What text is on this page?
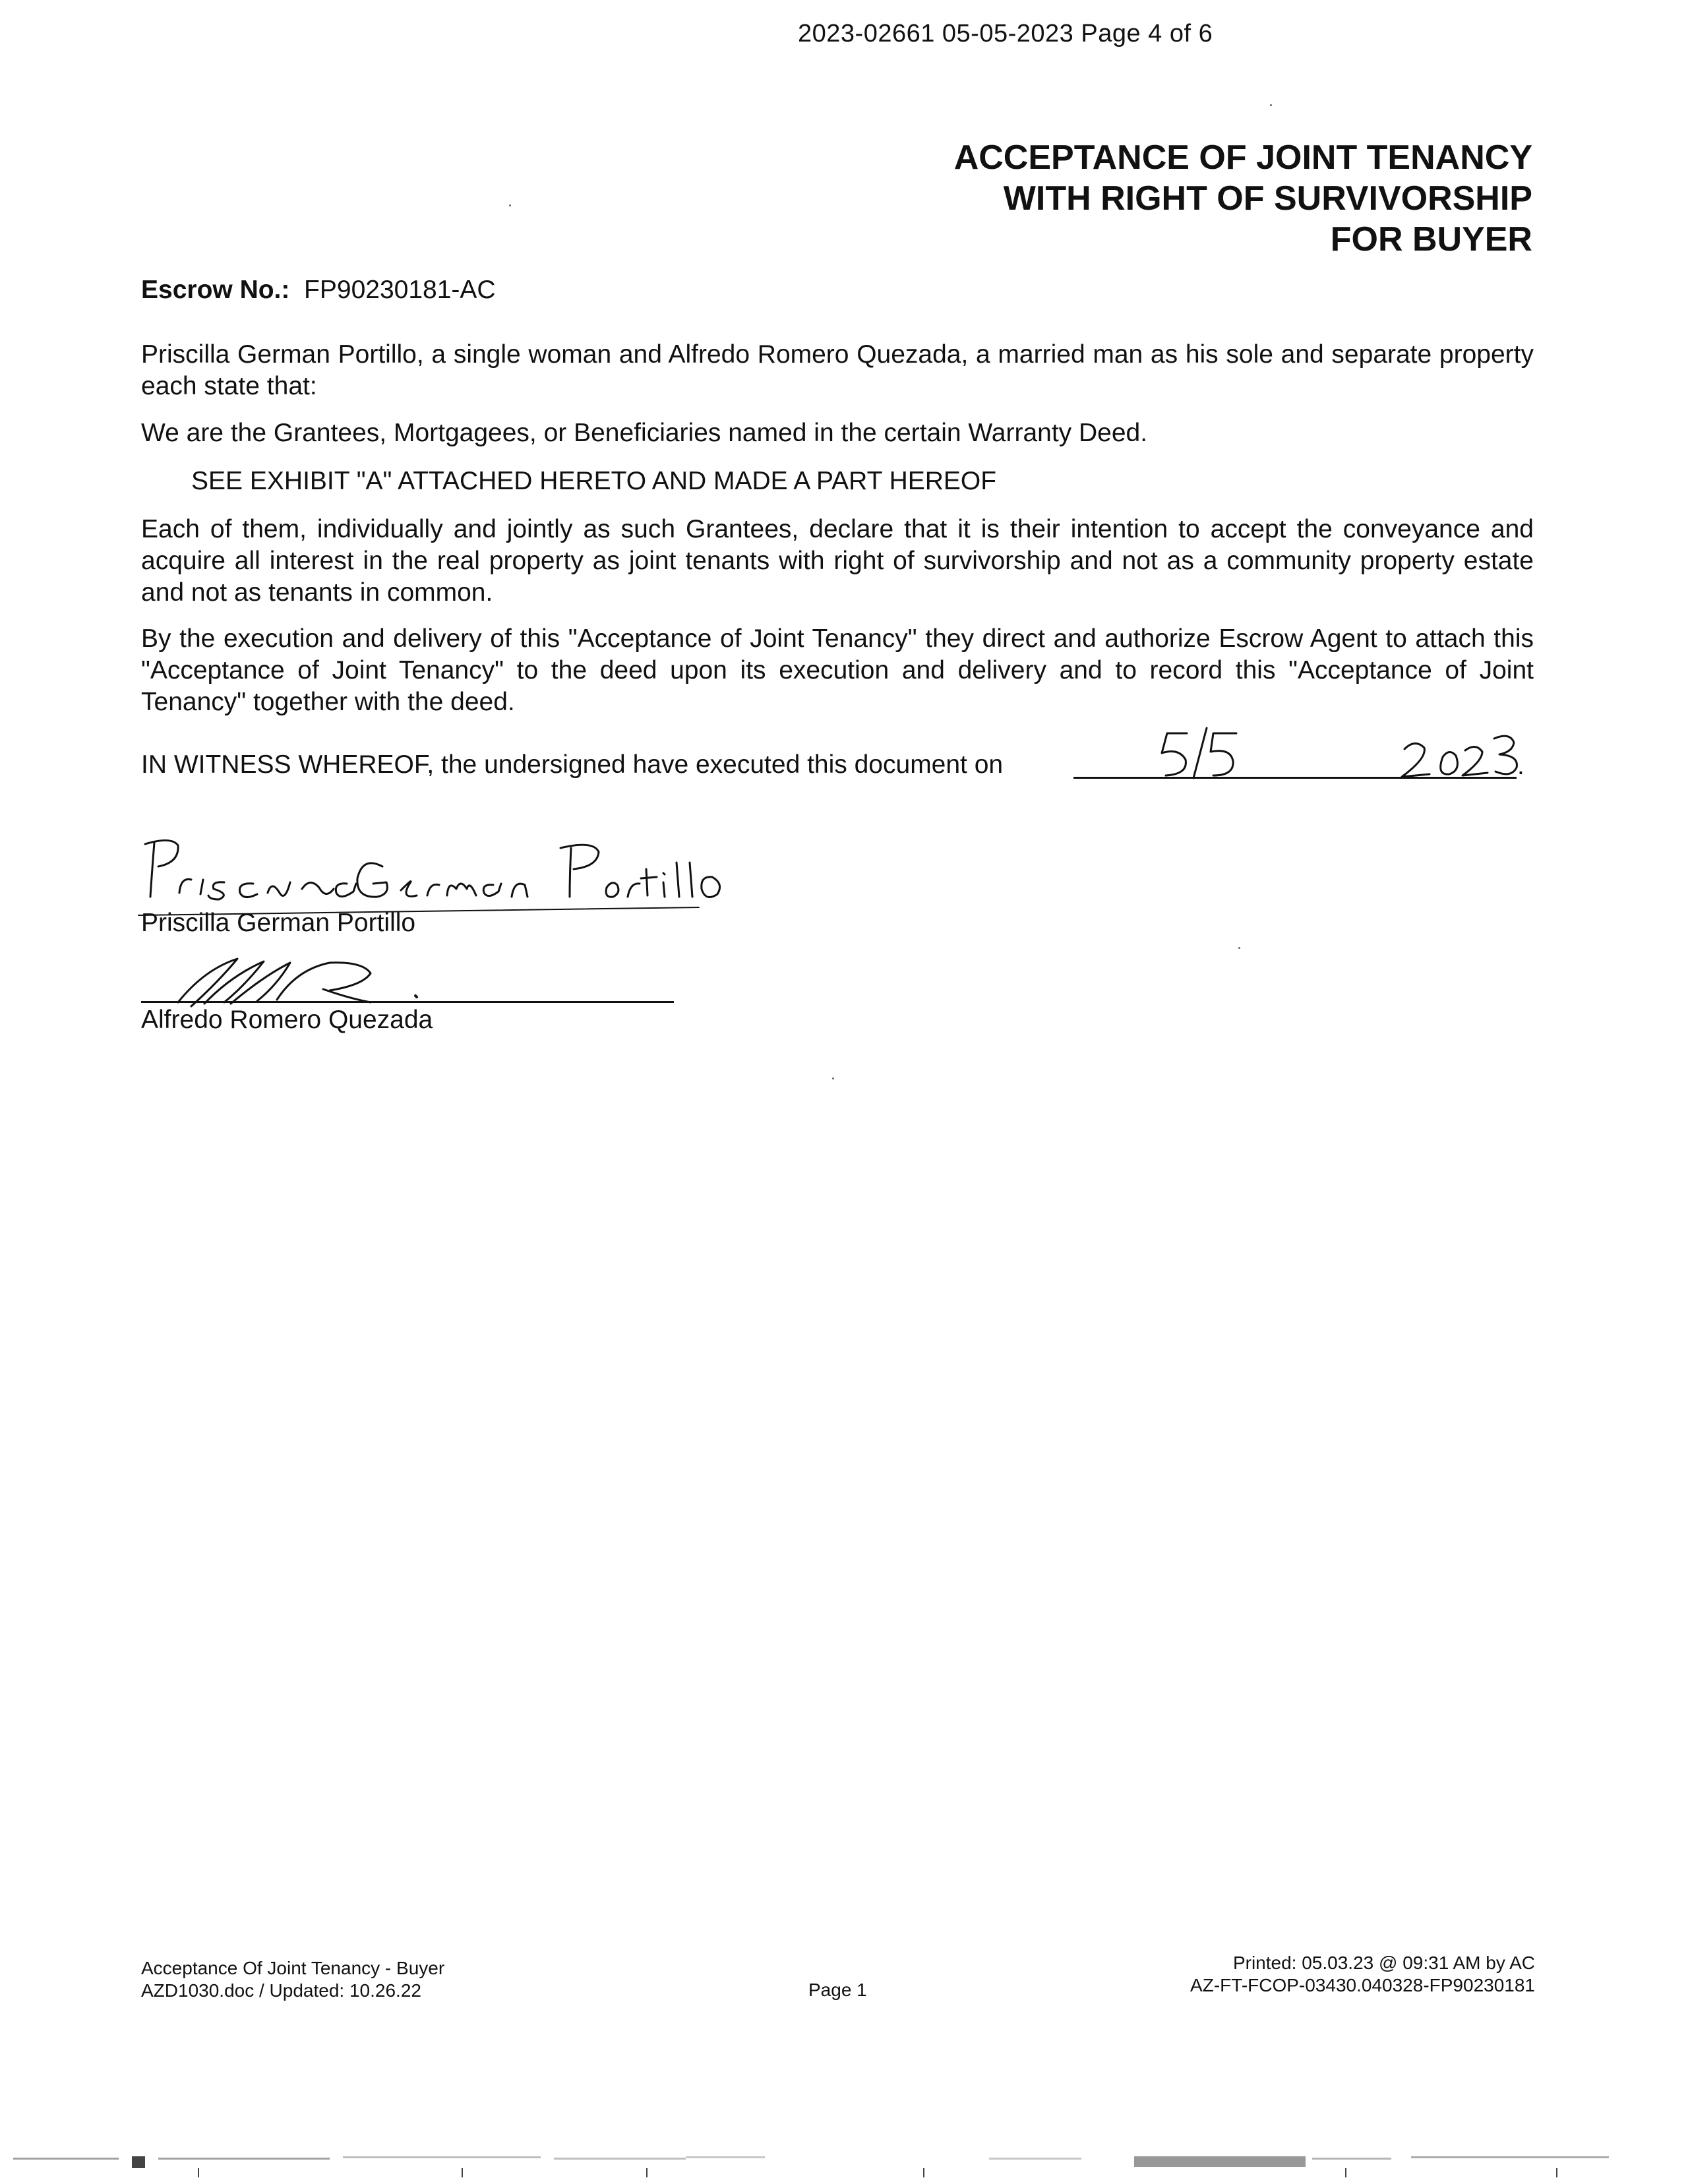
2023-02661 05-05-2023 Page 4 of 6
ACCEPTANCE OF JOINT TENANCY
WITH RIGHT OF SURVIVORSHIP
FOR BUYER
Escrow No.: FP90230181-AC
Priscilla German Portillo, a single woman and Alfredo Romero Quezada, a married man as his sole and separate property each state that:
We are the Grantees, Mortgagees, or Beneficiaries named in the certain Warranty Deed.
SEE EXHIBIT "A" ATTACHED HERETO AND MADE A PART HEREOF
Each of them, individually and jointly as such Grantees, declare that it is their intention to accept the conveyance and acquire all interest in the real property as joint tenants with right of survivorship and not as a community property estate and not as tenants in common.
By the execution and delivery of this "Acceptance of Joint Tenancy" they direct and authorize Escrow Agent to attach this "Acceptance of Joint Tenancy" to the deed upon its execution and delivery and to record this "Acceptance of Joint Tenancy" together with the deed.
IN WITNESS WHEREOF, the undersigned have executed this document on	.
Priscilla German Portillo
Alfredo Romero Quezada
Acceptance Of Joint Tenancy - Buyer
AZD1030.doc / Updated: 10.26.22	Page 1
Printed: 05.03.23 @ 09:31 AM by AC
AZ-FT-FCOP-03430.040328-FP90230181
